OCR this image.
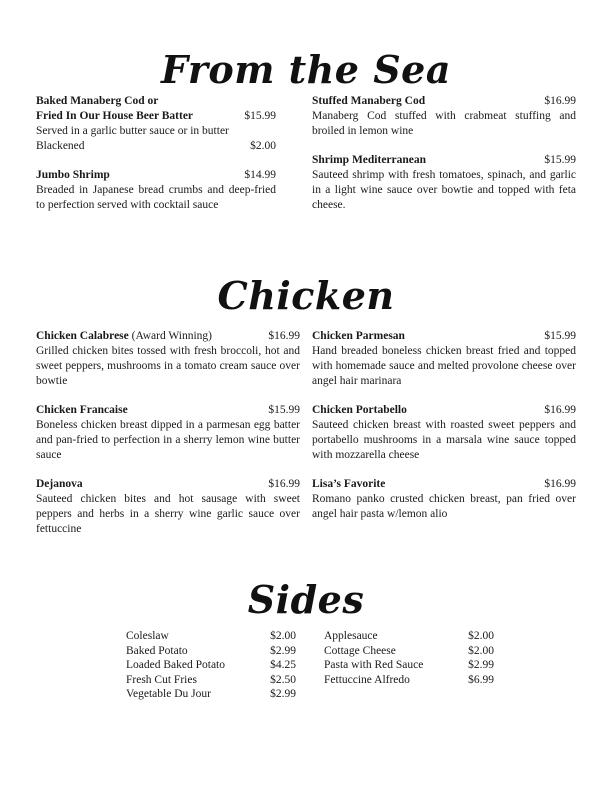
From the Sea
Baked Manaberg Cod or
Fried In Our House Beer Batter	$15.99
Served in a garlic butter sauce or in butter
Blackened	$2.00
Jumbo Shrimp	$14.99
Breaded in Japanese bread crumbs and deep-fried to perfection served with cocktail sauce
Stuffed Manaberg Cod	$16.99
Manaberg Cod stuffed with crabmeat stuffing and broiled in lemon wine
Shrimp Mediterranean	$15.99
Sauteed shrimp with fresh tomatoes, spinach, and garlic in a light wine sauce over bowtie and topped with feta cheese.
Chicken
Chicken Calabrese (Award Winning)	$16.99
Grilled chicken bites tossed with fresh broccoli, hot and sweet peppers, mushrooms in a tomato cream sauce over bowtie
Chicken Francaise	$15.99
Boneless chicken breast dipped in a parmesan egg batter and pan-fried to perfection in a sherry lemon wine butter sauce
Dejanova	$16.99
Sauteed chicken bites and hot sausage with sweet peppers and herbs in a sherry wine garlic sauce over fettuccine
Chicken Parmesan	$15.99
Hand breaded boneless chicken breast fried and topped with homemade sauce and melted provolone cheese over angel hair marinara
Chicken Portabello	$16.99
Sauteed chicken breast with roasted sweet peppers and portabello mushrooms in a marsala wine sauce topped with mozzarella cheese
Lisa’s Favorite	$16.99
Romano panko crusted chicken breast, pan fried over angel hair pasta w/lemon alio
Sides
Coleslaw	$2.00
Baked Potato	$2.99
Loaded Baked Potato	$4.25
Fresh Cut Fries	$2.50
Vegetable Du Jour	$2.99
Applesauce	$2.00
Cottage Cheese	$2.00
Pasta with Red Sauce	$2.99
Fettuccine Alfredo	$6.99
